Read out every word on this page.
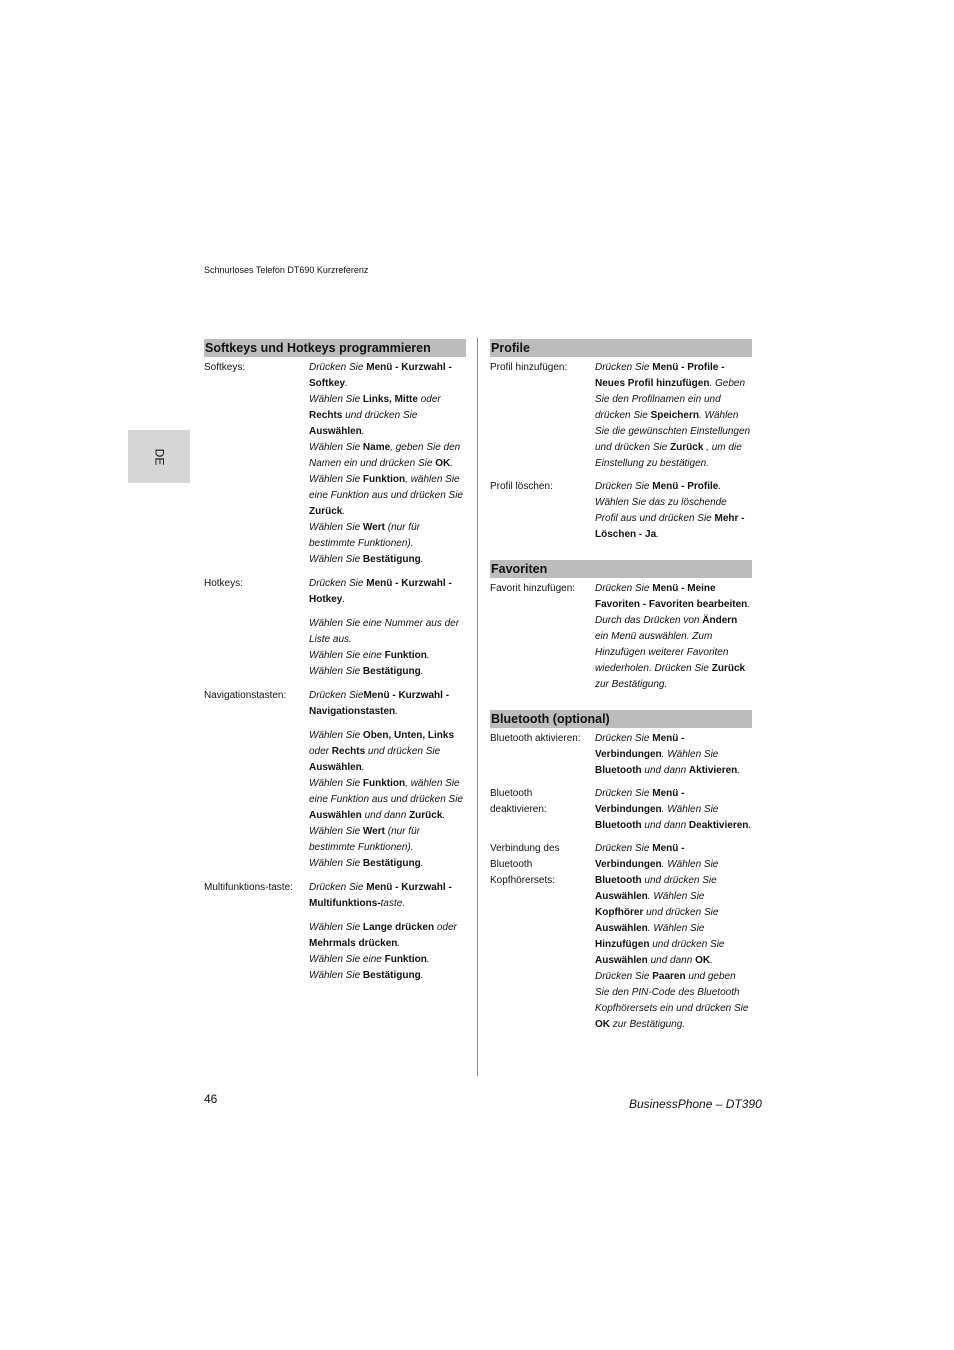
Schnurloses Telefon DT690 Kurzreferenz
DE
Softkeys und Hotkeys programmieren
Softkeys:	Drücken Sie Menü - Kurzwahl - Softkey.

Wählen Sie Links, Mitte oder Rechts und drücken Sie Auswählen.

Wählen Sie Name, geben Sie den Namen ein und drücken Sie OK.

Wählen Sie Funktion, wählen Sie eine Funktion aus und drücken Sie Zurück.

Wählen Sie Wert (nur für bestimmte Funktionen).

Wählen Sie Bestätigung.

Hotkeys:	Drücken Sie Menü - Kurzwahl - Hotkey.

Wählen Sie eine Nummer aus der Liste aus.

Wählen Sie eine Funktion.

Wählen Sie Bestätigung.

Navigationstasten:	Drücken SieMenü - Kurzwahl - Navigationstasten.

Wählen Sie Oben, Unten, Links oder Rechts und drücken Sie Auswählen.

Wählen Sie Funktion, wählen Sie eine Funktion aus und drücken Sie Auswählen und dann Zurück.

Wählen Sie Wert (nur für bestimmte Funktionen).

Wählen Sie Bestätigung.

Multifunktions-taste: Drücken Sie Menü - Kurzwahl - Multifunktions-taste.

Wählen Sie Lange drücken oder Mehrmals drücken.

Wählen Sie eine Funktion.

Wählen Sie Bestätigung.

Profile
Profil hinzufügen:	Drücken Sie Menü - Profile - Neues Profil hinzufügen. Geben Sie den Profilnamen ein und drücken Sie Speichern. Wählen Sie die gewünschten Einstellungen und drücken Sie Zurück , um die Einstellung zu bestätigen.

Profil löschen:	Drücken Sie Menü - Profile. Wählen Sie das zu löschende Profil aus und drücken Sie Mehr - Löschen - Ja.

Favoriten
Favorit hinzufügen:	Drücken Sie Menü - Meine Favoriten - Favoriten bearbeiten. Durch das Drücken von Ändern ein Menü auswählen. Zum Hinzufügen weiterer Favoriten wiederholen. Drücken Sie Zurück zur Bestätigung.

Bluetooth (optional)
Bluetooth aktivieren:	Drücken Sie Menü - Verbindungen. Wählen Sie Bluetooth und dann Aktivieren.

Bluetooth deaktivieren:

Drücken Sie Menü - Verbindungen. Wählen Sie Bluetooth und dann Deaktivieren.

Verbindung des Bluetooth Kopfhörersets:

Drücken Sie Menü - Verbindungen. Wählen Sie Bluetooth und drücken Sie Auswählen. Wählen Sie Kopfhörer und drücken Sie Auswählen. Wählen Sie Hinzufügen und drücken Sie Auswählen und dann OK. Drücken Sie Paaren und geben Sie den PIN-Code des Bluetooth Kopfhörersets ein und drücken Sie OK zur Bestätigung.

46	BusinessPhone – DT390
